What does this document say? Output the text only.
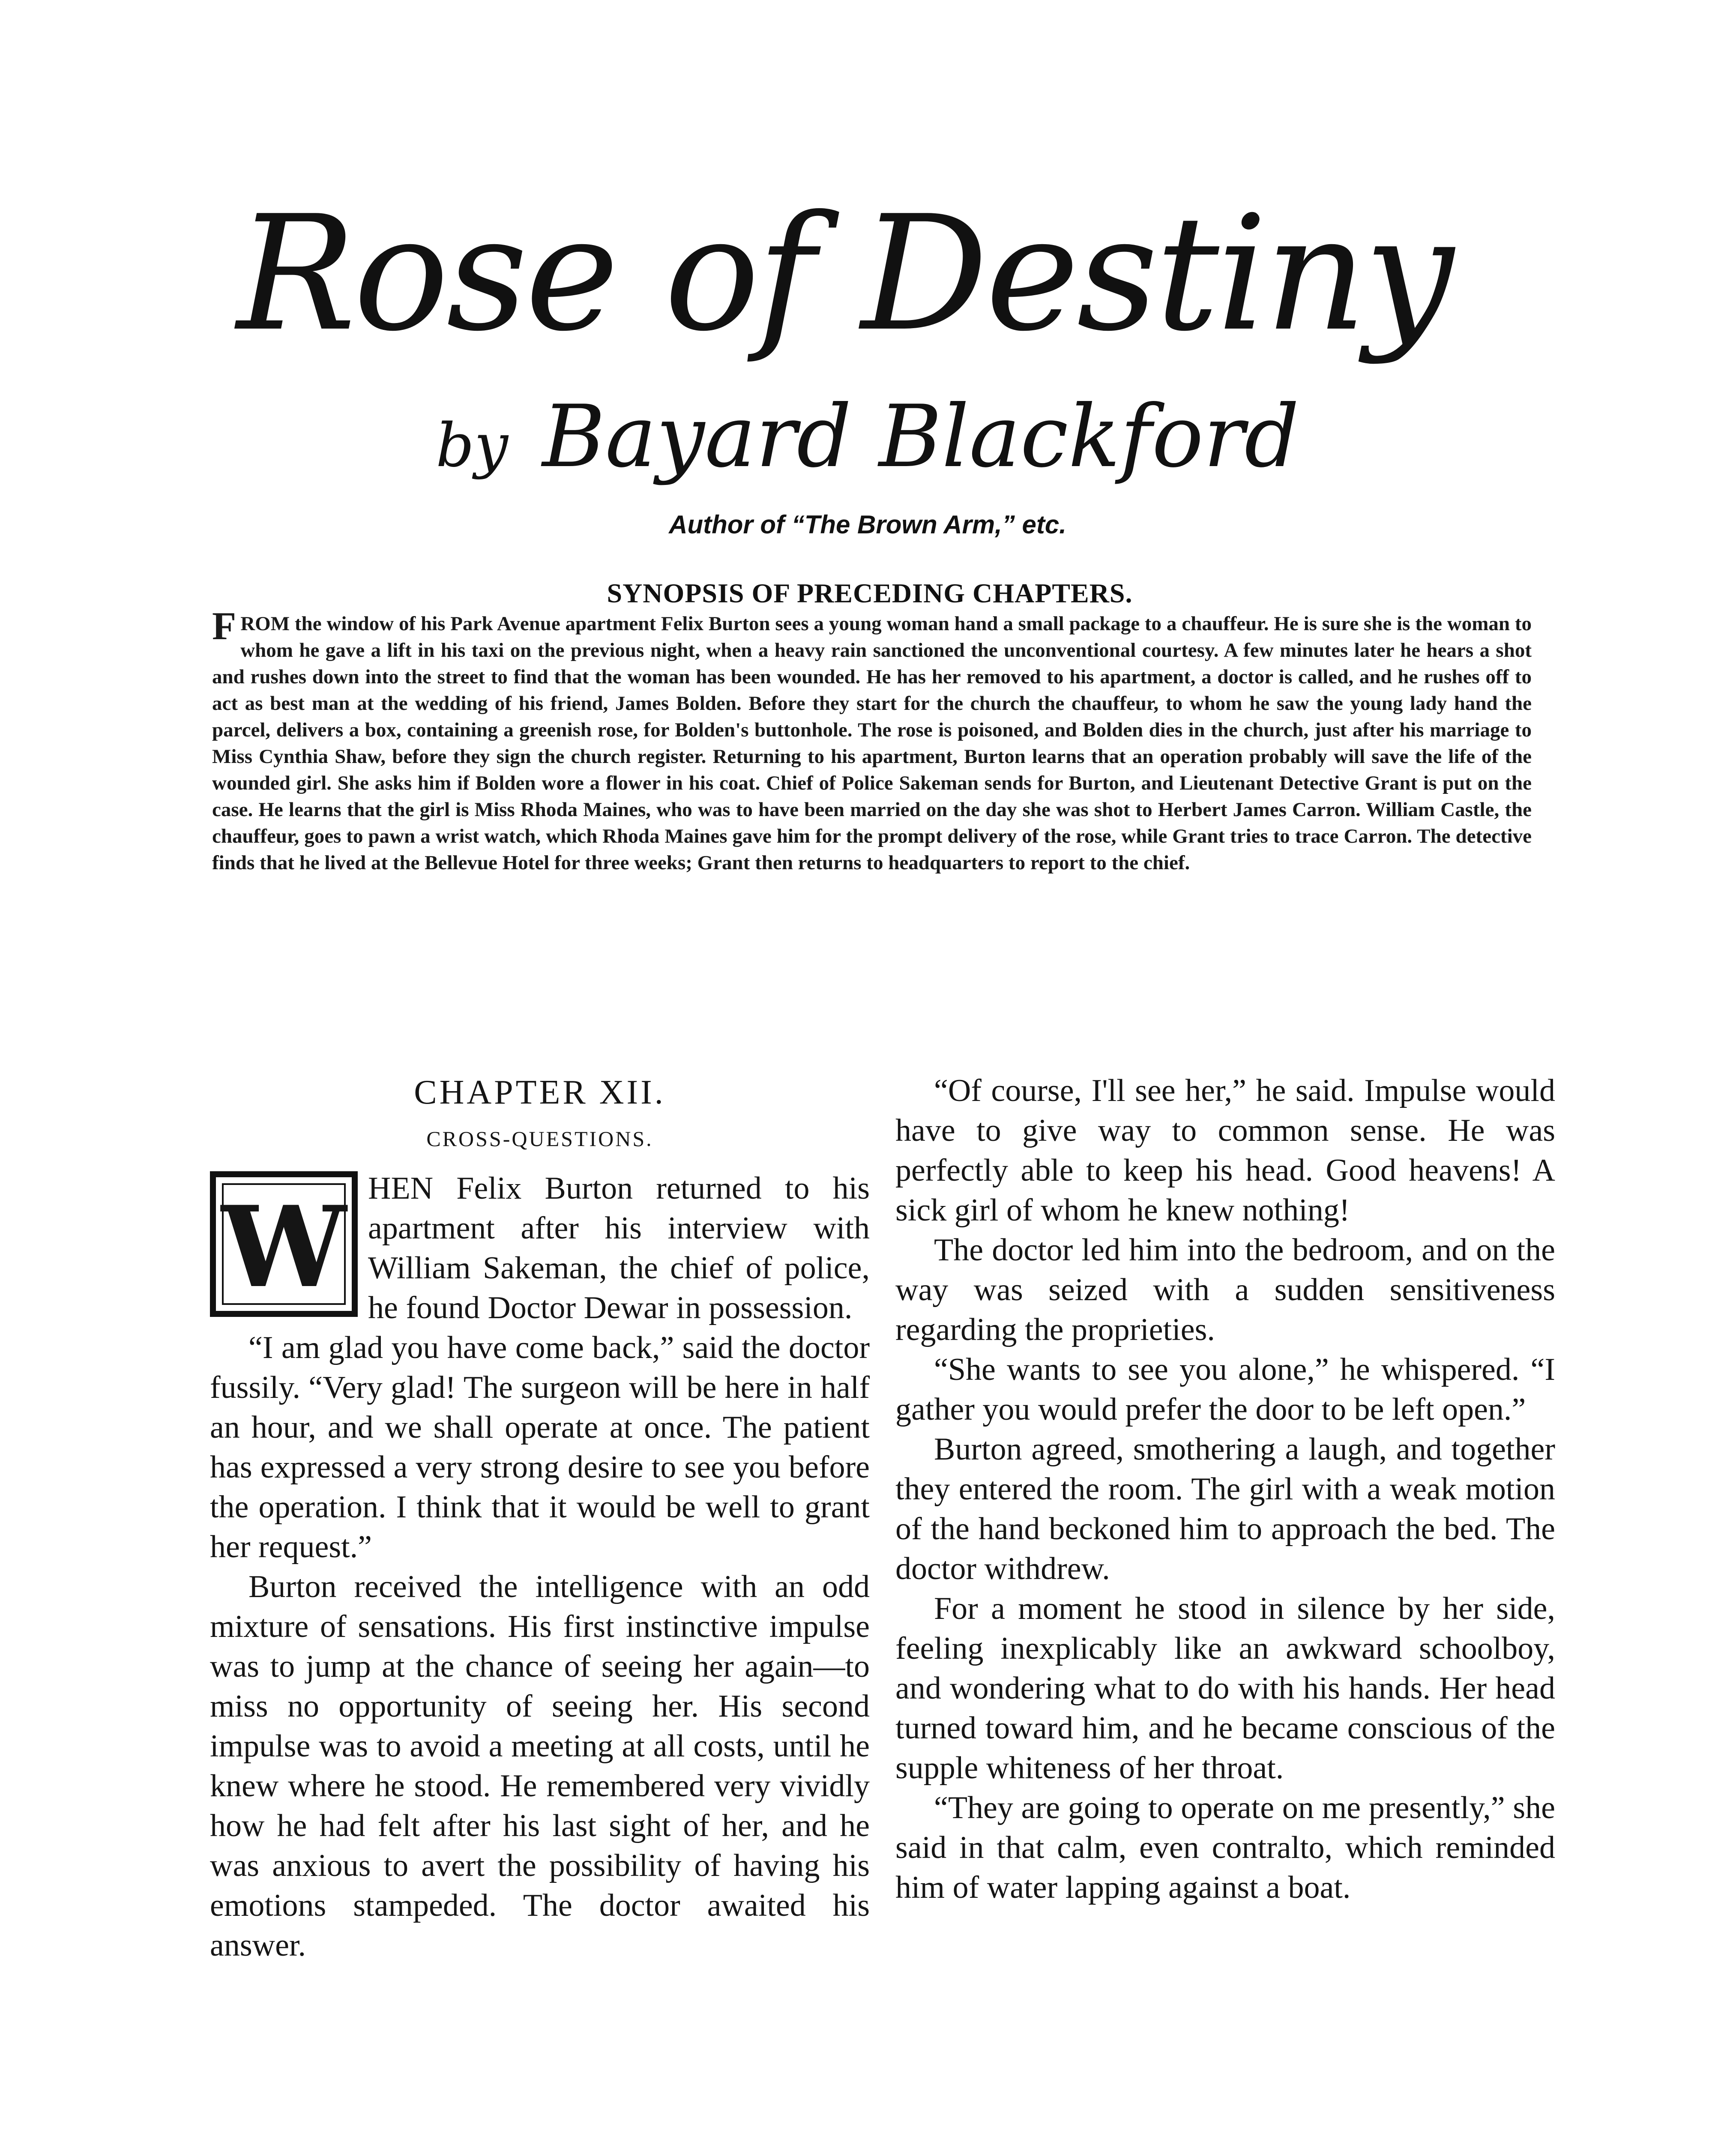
Rose of Destiny
by Bayard Blackford
Author of “The Brown Arm,” etc.
SYNOPSIS OF PRECEDING CHAPTERS.
F ROM the window of his Park Avenue apartment Felix Burton sees a young woman hand a small package to a chauffeur. He is sure she is the woman to whom he gave a lift in his taxi on the previous night, when a heavy rain sanctioned the unconventional courtesy. A few minutes later he hears a shot and rushes down into the street to find that the woman has been wounded. He has her removed to his apartment, a doctor is called, and he rushes off to act as best man at the wedding of his friend, James Bolden. Before they start for the church the chauffeur, to whom he saw the young lady hand the parcel, delivers a box, containing a greenish rose, for Bolden's buttonhole. The rose is poisoned, and Bolden dies in the church, just after his marriage to Miss Cynthia Shaw, before they sign the church register. Returning to his apartment, Burton learns that an operation probably will save the life of the wounded girl. She asks him if Bolden wore a flower in his coat. Chief of Police Sakeman sends for Burton, and Lieutenant Detective Grant is put on the case. He learns that the girl is Miss Rhoda Maines, who was to have been married on the day she was shot to Herbert James Carron. William Castle, the chauffeur, goes to pawn a wrist watch, which Rhoda Maines gave him for the prompt delivery of the rose, while Grant tries to trace Carron. The detective finds that he lived at the Bellevue Hotel for three weeks; Grant then returns to headquarters to report to the chief.
CHAPTER XII.
CROSS-QUESTIONS.
W HEN Felix Burton returned to his apartment after his interview with William Sakeman, the chief of police, he found Doctor Dewar in possession.

“I am glad you have come back,” said the doctor fussily. “Very glad! The surgeon will be here in half an hour, and we shall operate at once. The patient has expressed a very strong desire to see you before the operation. I think that it would be well to grant her request.”

Burton received the intelligence with an odd mixture of sensations. His first instinctive impulse was to jump at the chance of seeing her again—to miss no opportunity of seeing her. His second impulse was to avoid a meeting at all costs, until he knew where he stood. He remembered very vividly how he had felt after his last sight of her, and he was anxious to avert the possibility of having his emotions stampeded. The doctor awaited his answer.

“Of course, I'll see her,” he said. Impulse would have to give way to common sense. He was perfectly able to keep his head. Good heavens! A sick girl of whom he knew nothing!

The doctor led him into the bedroom, and on the way was seized with a sudden sensitiveness regarding the proprieties.

“She wants to see you alone,” he whispered. “I gather you would prefer the door to be left open.”

Burton agreed, smothering a laugh, and together they entered the room. The girl with a weak motion of the hand beckoned him to approach the bed. The doctor withdrew.

For a moment he stood in silence by her side, feeling inexplicably like an awkward schoolboy, and wondering what to do with his hands. Her head turned toward him, and he became conscious of the supple whiteness of her throat.

“They are going to operate on me presently,” she said in that calm, even contralto, which reminded him of water lapping against a boat.
